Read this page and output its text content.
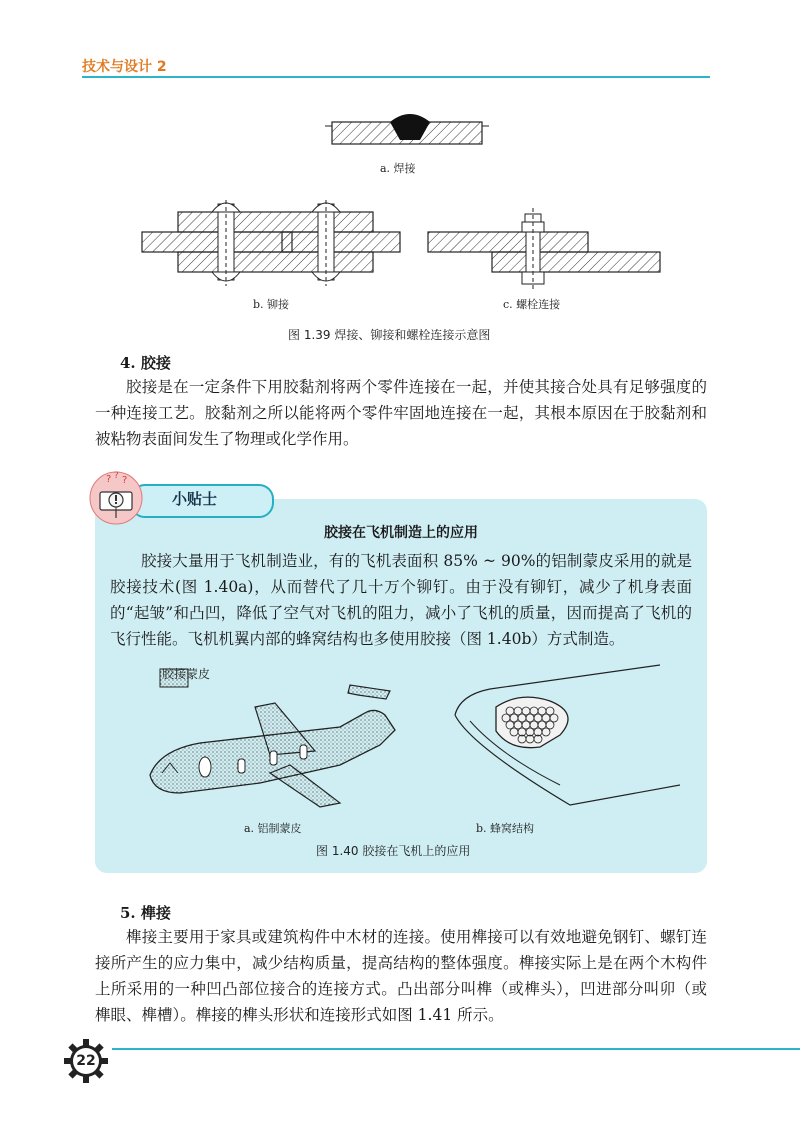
技术与设计 2
a. 焊接
b. 铆接	c. 螺栓连接
图 1.39 焊接、铆接和螺栓连接示意图
4. 胶接
胶接是在一定条件下用胶黏剂将两个零件连接在一起，并使其接合处具有足够强度的一种连接工艺。胶黏剂之所以能将两个零件牢固地连接在一起，其根本原因在于胶黏剂和被粘物表面间发生了物理或化学作用。
? ? ?
小贴士
胶接在飞机制造上的应用
胶接大量用于飞机制造业，有的飞机表面积 85% ~ 90%的铝制蒙皮采用的就是胶接技术(图 1.40a)，从而替代了几十万个铆钉。由于没有铆钉，减少了机身表面的“起皱”和凸凹，降低了空气对飞机的阻力，减小了飞机的质量，因而提高了飞机的飞行性能。飞机机翼内部的蜂窝结构也多使用胶接（图 1.40b）方式制造。
胶接蒙皮
a. 铝制蒙皮	b. 蜂窝结构
图 1.40 胶接在飞机上的应用
5. 榫接
榫接主要用于家具或建筑构件中木材的连接。使用榫接可以有效地避免钢钉、螺钉连接所产生的应力集中，减少结构质量，提高结构的整体强度。榫接实际上是在两个木构件上所采用的一种凹凸部位接合的连接方式。凸出部分叫榫（或榫头），凹进部分叫卯（或榫眼、榫槽）。榫接的榫头形状和连接形式如图 1.41 所示。
22
